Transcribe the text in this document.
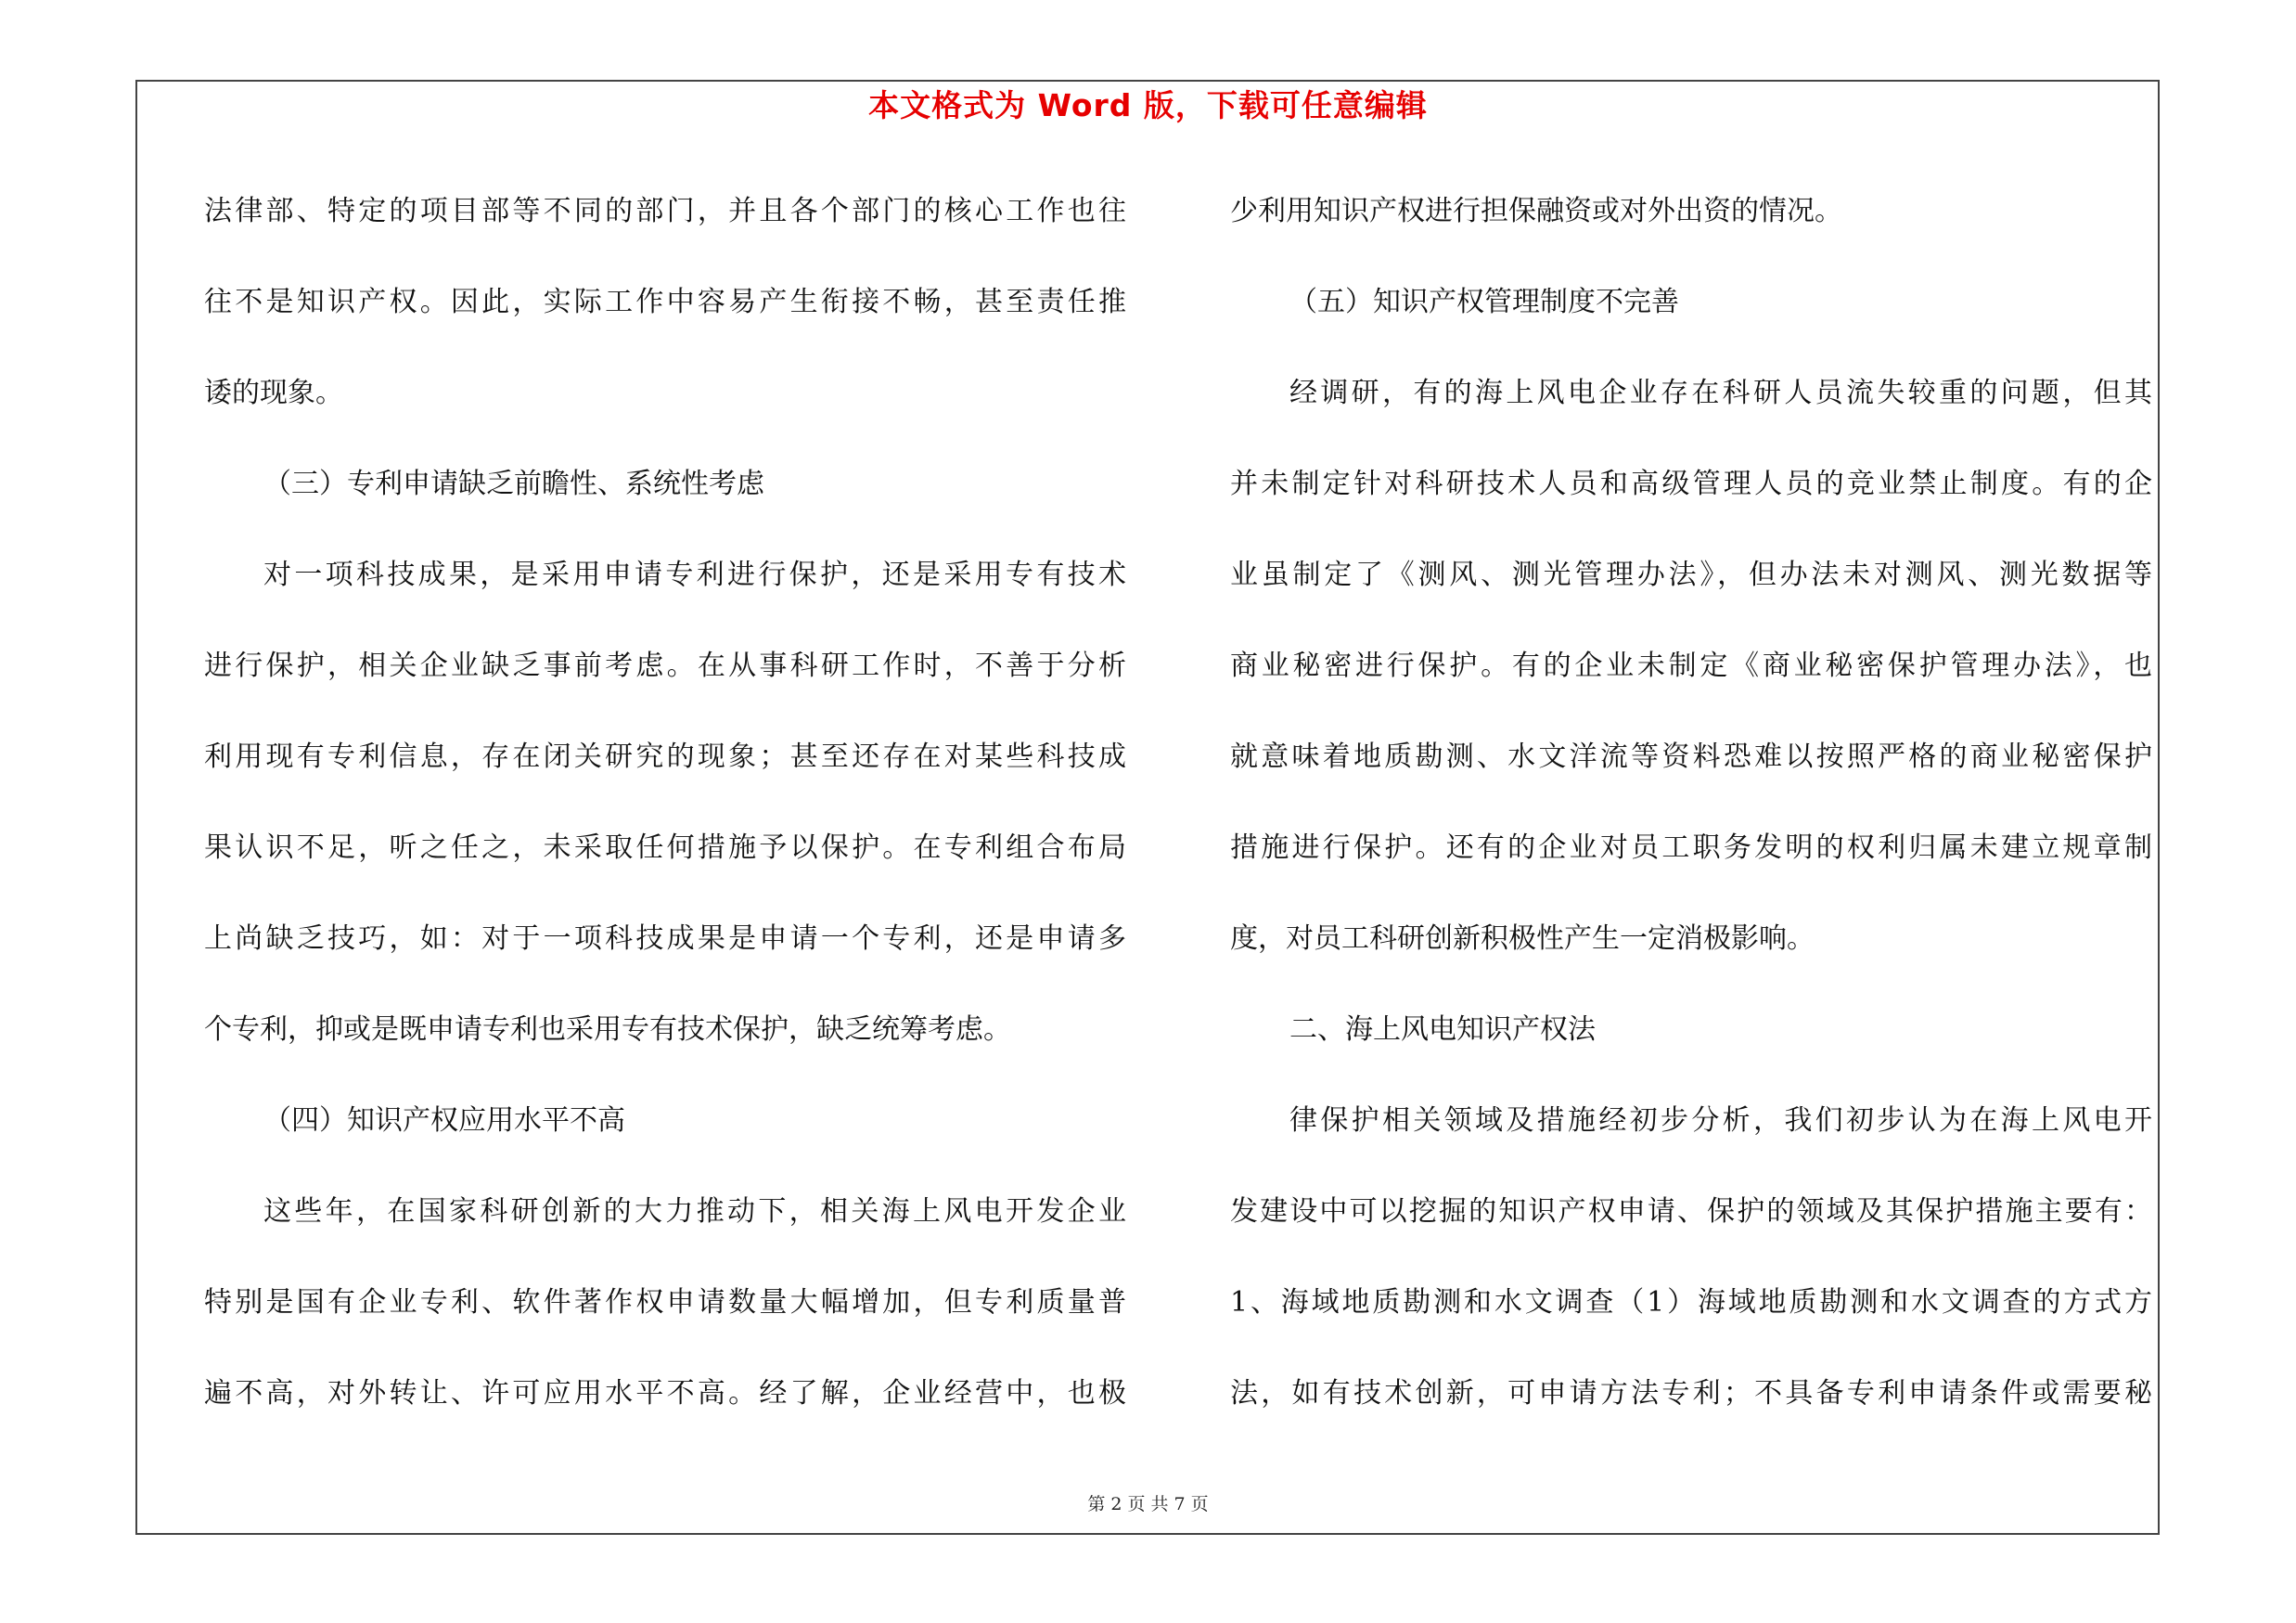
本文格式为 Word 版，下载可任意编辑
法律部、特定的项目部等不同的部门，并且各个部门的核心工作也往
往不是知识产权。因此，实际工作中容易产生衔接不畅，甚至责任推
诿的现象。
（三）专利申请缺乏前瞻性、系统性考虑
对一项科技成果，是采用申请专利进行保护，还是采用专有技术
进行保护，相关企业缺乏事前考虑。在从事科研工作时，不善于分析
利用现有专利信息，存在闭关研究的现象；甚至还存在对某些科技成
果认识不足，听之任之，未采取任何措施予以保护。在专利组合布局
上尚缺乏技巧，如：对于一项科技成果是申请一个专利，还是申请多
个专利，抑或是既申请专利也采用专有技术保护，缺乏统筹考虑。
（四）知识产权应用水平不高
这些年，在国家科研创新的大力推动下，相关海上风电开发企业
特别是国有企业专利、软件著作权申请数量大幅增加，但专利质量普
遍不高，对外转让、许可应用水平不高。经了解，企业经营中，也极
少利用知识产权进行担保融资或对外出资的情况。
（五）知识产权管理制度不完善
经调研，有的海上风电企业存在科研人员流失较重的问题，但其
并未制定针对科研技术人员和高级管理人员的竞业禁止制度。有的企
业虽制定了《测风、测光管理办法》，但办法未对测风、测光数据等
商业秘密进行保护。有的企业未制定《商业秘密保护管理办法》，也
就意味着地质勘测、水文洋流等资料恐难以按照严格的商业秘密保护
措施进行保护。还有的企业对员工职务发明的权利归属未建立规章制
度，对员工科研创新积极性产生一定消极影响。
二、海上风电知识产权法
律保护相关领域及措施经初步分析，我们初步认为在海上风电开
发建设中可以挖掘的知识产权申请、保护的领域及其保护措施主要有：
1、海域地质勘测和水文调查（1）海域地质勘测和水文调查的方式方
法，如有技术创新，可申请方法专利；不具备专利申请条件或需要秘
第 2 页 共 7 页
